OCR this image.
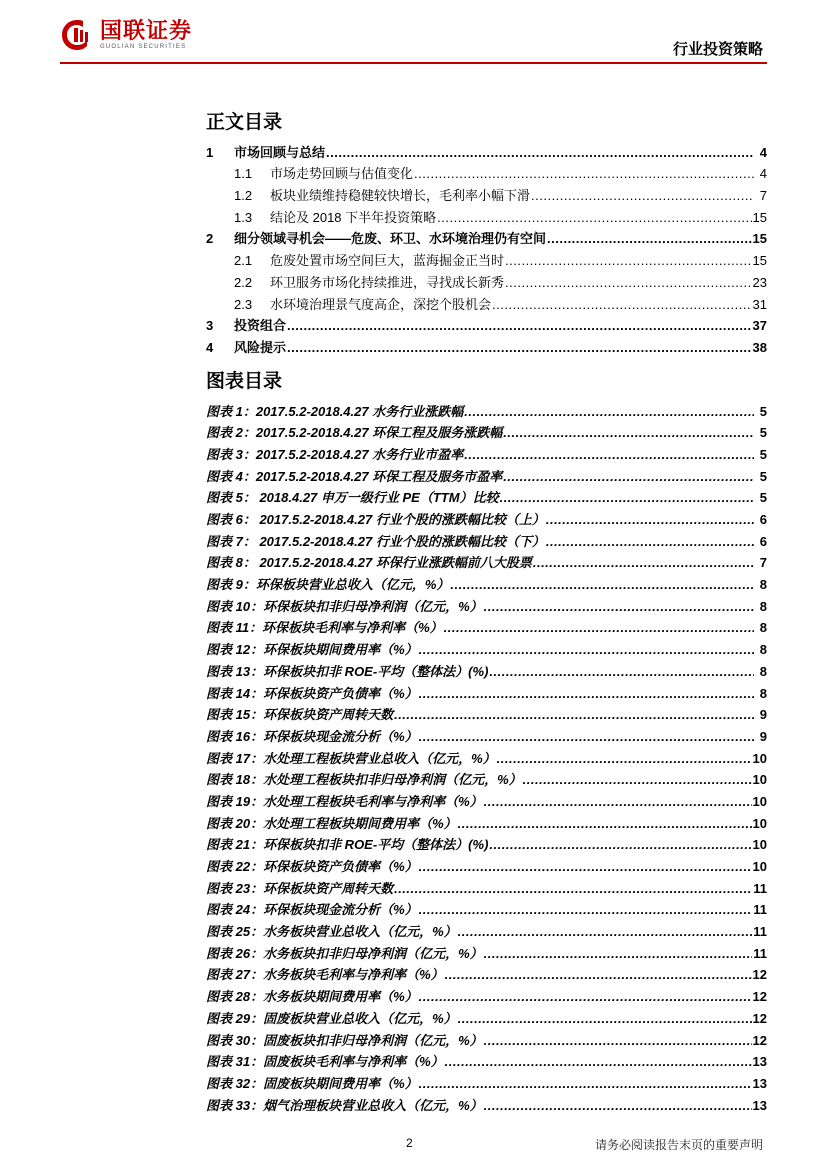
国联证券
GUOLIAN SECURITIES	行业投资策略
正文目录
1	市场回顾与总结 .....	4
1.1	市场走势回顾与估值变化 .....	4
1.2	板块业绩维持稳健较快增长，毛利率小幅下滑 .....	7
1.3	结论及 2018 下半年投资策略 .....	15
2	细分领域寻机会——危废、环卫、水环境治理仍有空间 .....	15
2.1	危废处置市场空间巨大，蓝海掘金正当时 .....	15
2.2	环卫服务市场化持续推进，寻找成长新秀 .....	23
2.3	水环境治理景气度高企，深挖个股机会 .....	31
3	投资组合 .....	37
4	风险提示 .....	38
图表目录
图表 1：2017.5.2-2018.4.27 水务行业涨跌幅 .....	5
图表 2：2017.5.2-2018.4.27 环保工程及服务涨跌幅 .....	5
图表 3：2017.5.2-2018.4.27 水务行业市盈率 .....	5
图表 4：2017.5.2-2018.4.27 环保工程及服务市盈率 .....	5
图表 5： 2018.4.27 申万一级行业 PE（TTM）比较 .....	5
图表 6： 2017.5.2-2018.4.27 行业个股的涨跌幅比较（上） .....	6
图表 7： 2017.5.2-2018.4.27 行业个股的涨跌幅比较（下） .....	6
图表 8： 2017.5.2-2018.4.27 环保行业涨跌幅前八大股票 .....	7
图表 9：环保板块营业总收入（亿元，%） .....	8
图表 10：环保板块扣非归母净利润（亿元，%） .....	8
图表 11：环保板块毛利率与净利率（%） .....	8
图表 12：环保板块期间费用率（%） .....	8
图表 13：环保板块扣非 ROE-平均（整体法）(%) .....	8
图表 14：环保板块资产负债率（%） .....	8
图表 15：环保板块资产周转天数 .....	9
图表 16：环保板块现金流分析（%） .....	9
图表 17：水处理工程板块营业总收入（亿元，%） .....	10
图表 18：水处理工程板块扣非归母净利润（亿元，%） .....	10
图表 19：水处理工程板块毛利率与净利率（%） .....	10
图表 20：水处理工程板块期间费用率（%） .....	10
图表 21：环保板块扣非 ROE-平均（整体法）(%) .....	10
图表 22：环保板块资产负债率（%） .....	10
图表 23：环保板块资产周转天数 .....	11
图表 24：环保板块现金流分析（%） .....	11
图表 25：水务板块营业总收入（亿元，%） .....	11
图表 26：水务板块扣非归母净利润（亿元，%） .....	11
图表 27：水务板块毛利率与净利率（%） .....	12
图表 28：水务板块期间费用率（%） .....	12
图表 29：固废板块营业总收入（亿元，%） .....	12
图表 30：固废板块扣非归母净利润（亿元，%） .....	12
图表 31：固废板块毛利率与净利率（%） .....	13
图表 32：固废板块期间费用率（%） .....	13
图表 33：烟气治理板块营业总收入（亿元，%） .....	13
2	请务必阅读报告末页的重要声明
